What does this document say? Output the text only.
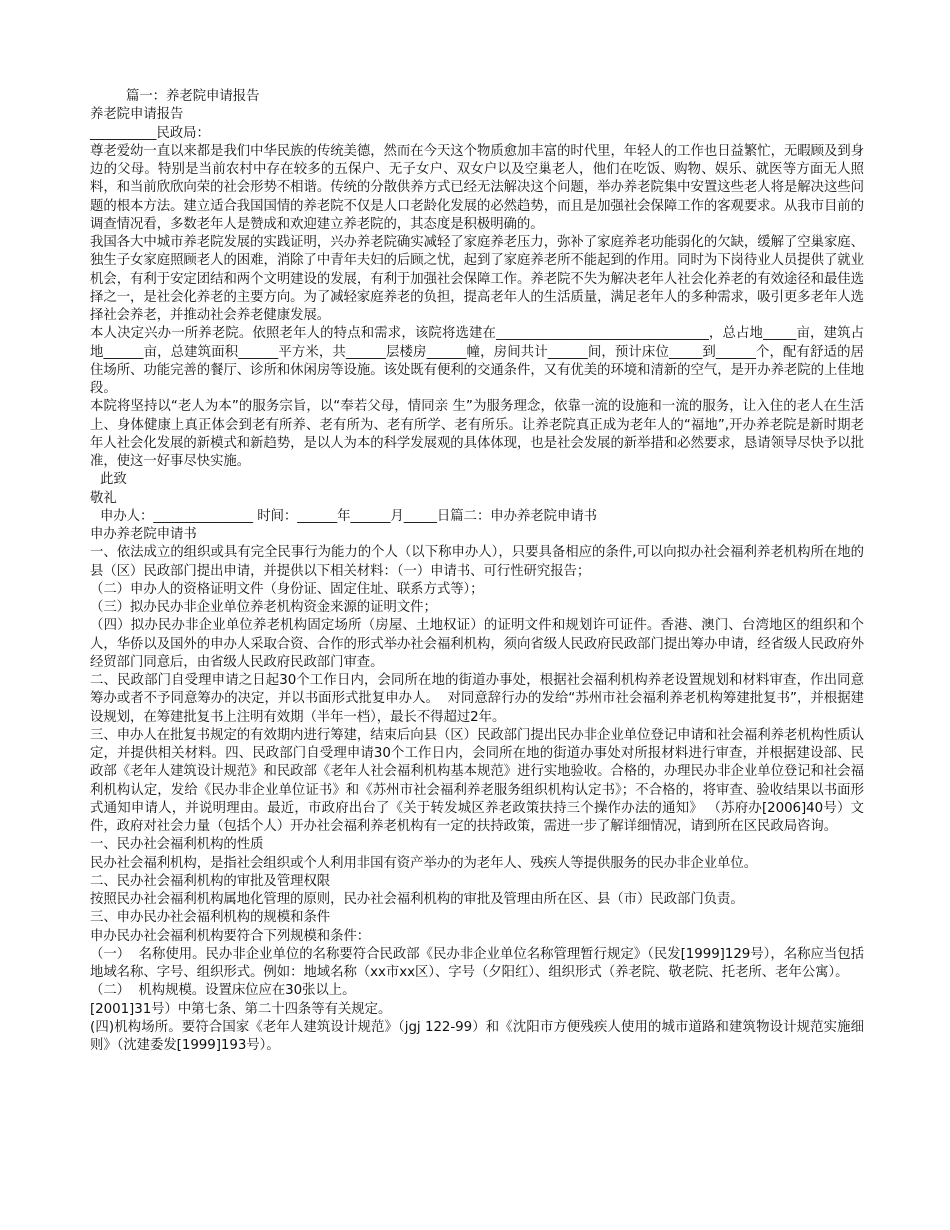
篇一：养老院申请报告
养老院申请报告
__________民政局：
尊老爱幼一直以来都是我们中华民族的传统美德，然而在今天这个物质愈加丰富的时代里，年轻人的工作也日益繁忙，无暇顾及到身边的父母。特别是当前农村中存在较多的五保户、无子女户、双女户以及空巢老人，他们在吃饭、购物、娱乐、就医等方面无人照料，和当前欣欣向荣的社会形势不相谐。传统的分散供养方式已经无法解决这个问题，举办养老院集中安置这些老人将是解决这些问题的根本方法。建立适合我国国情的养老院不仅是人口老龄化发展的必然趋势，而且是加强社会保障工作的客观要求。从我市目前的调查情况看，多数老年人是赞成和欢迎建立养老院的，其态度是积极明确的。
我国各大中城市养老院发展的实践证明，兴办养老院确实减轻了家庭养老压力，弥补了家庭养老功能弱化的欠缺，缓解了空巢家庭、独生子女家庭照顾老人的困难，消除了中青年夫妇的后顾之忧，起到了家庭养老所不能起到的作用。同时为下岗待业人员提供了就业机会，有利于安定团结和两个文明建设的发展，有利于加强社会保障工作。养老院不失为解决老年人社会化养老的有效途径和最佳选择之一，是社会化养老的主要方向。为了减轻家庭养老的负担，提高老年人的生活质量，满足老年人的多种需求，吸引更多老年人选择社会养老，并推动社会养老健康发展。
本人决定兴办一所养老院。依照老年人的特点和需求，该院将选建在________________________________，总占地_____亩，建筑占地______亩，总建筑面积______平方米，共______层楼房______幢，房间共计______间，预计床位_____到______个，配有舒适的居住场所、功能完善的餐厅、诊所和休闲房等设施。该处既有便利的交通条件，又有优美的环境和清新的空气，是开办养老院的上佳地段。
本院将坚持以“老人为本”的服务宗旨，以“奉若父母，情同亲 生”为服务理念，依靠一流的设施和一流的服务，让入住的老人在生活上、身体健康上真正体会到老有所养、老有所为、老有所学、老有所乐。让养老院真正成为老年人的“福地”,开办养老院是新时期老年人社会化发展的新模式和新趋势，是以人为本的科学发展观的具体体现，也是社会发展的新举措和必然要求，恳请领导尽快予以批准，使这一好事尽快实施。
此致
敬礼
申办人：_______________ 时间：______年______月_____日篇二：申办养老院申请书
申办养老院申请书
一、依法成立的组织或具有完全民事行为能力的个人（以下称申办人），只要具备相应的条件,可以向拟办社会福利养老机构所在地的县（区）民政部门提出申请，并提供以下相关材料：（一）申请书、可行性研究报告；
（二）申办人的资格证明文件（身份证、固定住址、联系方式等）；
（三）拟办民办非企业单位养老机构资金来源的证明文件；
（四）拟办民办非企业单位养老机构固定场所（房屋、土地权证）的证明文件和规划许可证件。香港、澳门、台湾地区的组织和个人，华侨以及国外的申办人采取合资、合作的形式举办社会福利机构，须向省级人民政府民政部门提出筹办申请，经省级人民政府外经贸部门同意后，由省级人民政府民政部门审查。
二、民政部门自受理申请之日起30个工作日内，会同所在地的街道办事处，根据社会福利机构养老设置规划和材料审查，作出同意筹办或者不予同意筹办的决定，并以书面形式批复申办人。  对同意辞行办的发给“苏州市社会福利养老机构筹建批复书”，并根据建设规划，在筹建批复书上注明有效期（半年一档），最长不得超过2年。
三、申办人在批复书规定的有效期内进行筹建，结束后向县（区）民政部门提出民办非企业单位登记申请和社会福利养老机构性质认定，并提供相关材料。四、民政部门自受理申请30个工作日内，会同所在地的街道办事处对所报材料进行审查，并根据建设部、民政部《老年人建筑设计规范》和民政部《老年人社会福利机构基本规范》进行实地验收。合格的，办理民办非企业单位登记和社会福利机构认定，发给《民办非企业单位证书》和《苏州市社会福利养老服务组织机构认定书》；不合格的，将审查、验收结果以书面形式通知申请人，并说明理由。最近，市政府出台了《关于转发城区养老政策扶持三个操作办法的通知》 （苏府办[2006]40号）文件，政府对社会力量（包括个人）开办社会福利养老机构有一定的扶持政策，需进一步了解详细情况，请到所在区民政局咨询。
一、民办社会福利机构的性质
民办社会福利机构，是指社会组织或个人利用非国有资产举办的为老年人、残疾人等提供服务的民办非企业单位。
二、民办社会福利机构的审批及管理权限
按照民办社会福利机构属地化管理的原则，民办社会福利机构的审批及管理由所在区、县（市）民政部门负责。
三、申办民办社会福利机构的规模和条件
申办民办社会福利机构要符合下列规模和条件：
（一）  名称使用。民办非企业单位的名称要符合民政部《民办非企业单位名称管理暂行规定》（民发[1999]129号），名称应当包括地域名称、字号、组织形式。例如：地域名称（xx市xx区）、字号（夕阳红）、组织形式（养老院、敬老院、托老所、老年公寓）。
（二）  机构规模。设置床位应在30张以上。
[2001]31号）中第七条、第二十四条等有关规定。
(四)机构场所。要符合国家《老年人建筑设计规范》（jgj 122-99）和《沈阳市方便残疾人使用的城市道路和建筑物设计规范实施细则》（沈建委发[1999]193号）。
